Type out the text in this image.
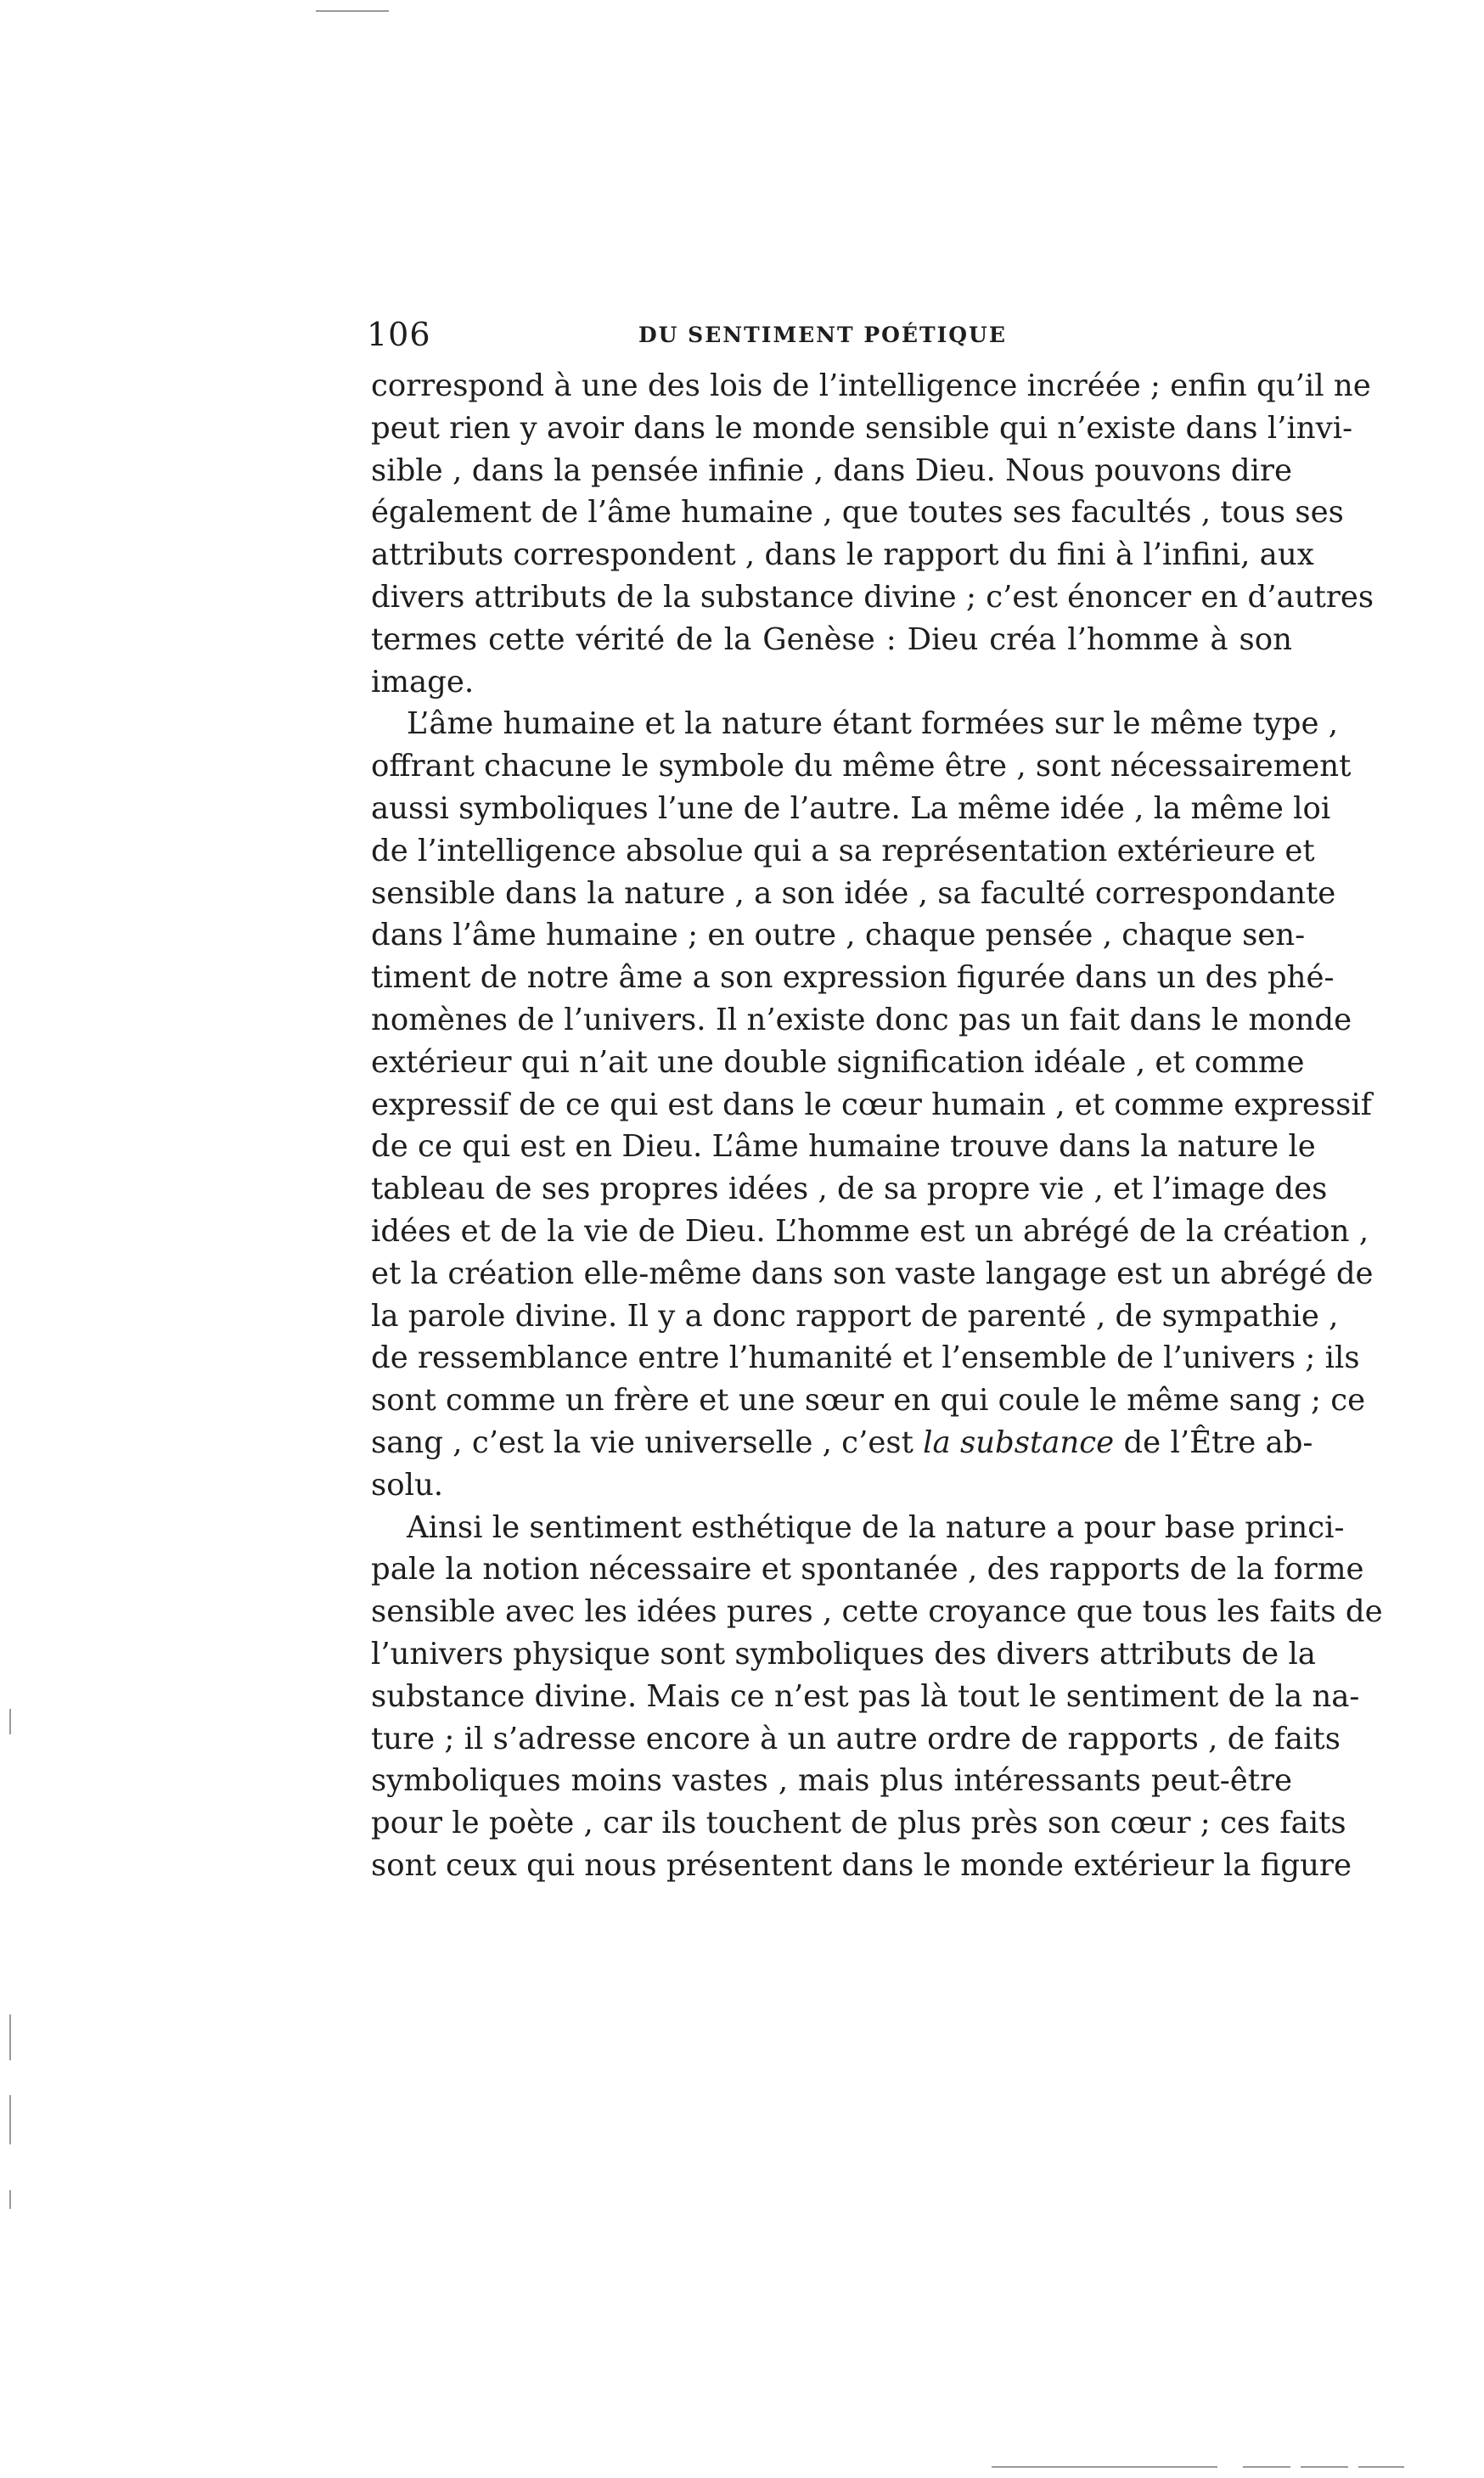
106	DU SENTIMENT POÉTIQUE
correspond à une des lois de l’intelligence incréée ; enfin qu’il ne
peut rien y avoir dans le monde sensible qui n’existe dans l’invi-
sible , dans la pensée infinie , dans Dieu. Nous pouvons dire
également de l’âme humaine , que toutes ses facultés , tous ses
attributs correspondent , dans le rapport du fini à l’infini, aux
divers attributs de la substance divine ; c’est énoncer en d’autres
termes cette vérité de la Genèse : Dieu créa l’homme à son
image.
L’âme humaine et la nature étant formées sur le même type ,
offrant chacune le symbole du même être , sont nécessairement
aussi symboliques l’une de l’autre. La même idée , la même loi
de l’intelligence absolue qui a sa représentation extérieure et
sensible dans la nature , a son idée , sa faculté correspondante
dans l’âme humaine ; en outre , chaque pensée , chaque sen-
timent de notre âme a son expression figurée dans un des phé-
nomènes de l’univers. Il n’existe donc pas un fait dans le monde
extérieur qui n’ait une double signification idéale , et comme
expressif de ce qui est dans le cœur humain , et comme expressif
de ce qui est en Dieu. L’âme humaine trouve dans la nature le
tableau de ses propres idées , de sa propre vie , et l’image des
idées et de la vie de Dieu. L’homme est un abrégé de la création ,
et la création elle-même dans son vaste langage est un abrégé de
la parole divine. Il y a donc rapport de parenté , de sympathie ,
de ressemblance entre l’humanité et l’ensemble de l’univers ; ils
sont comme un frère et une sœur en qui coule le même sang ; ce
sang , c’est la vie universelle , c’est la substance de l’Être ab-
solu.
Ainsi le sentiment esthétique de la nature a pour base princi-
pale la notion nécessaire et spontanée , des rapports de la forme
sensible avec les idées pures , cette croyance que tous les faits de
l’univers physique sont symboliques des divers attributs de la
substance divine. Mais ce n’est pas là tout le sentiment de la na-
ture ; il s’adresse encore à un autre ordre de rapports , de faits
symboliques moins vastes , mais plus intéressants peut-être
pour le poète , car ils touchent de plus près son cœur ; ces faits
sont ceux qui nous présentent dans le monde extérieur la figure
